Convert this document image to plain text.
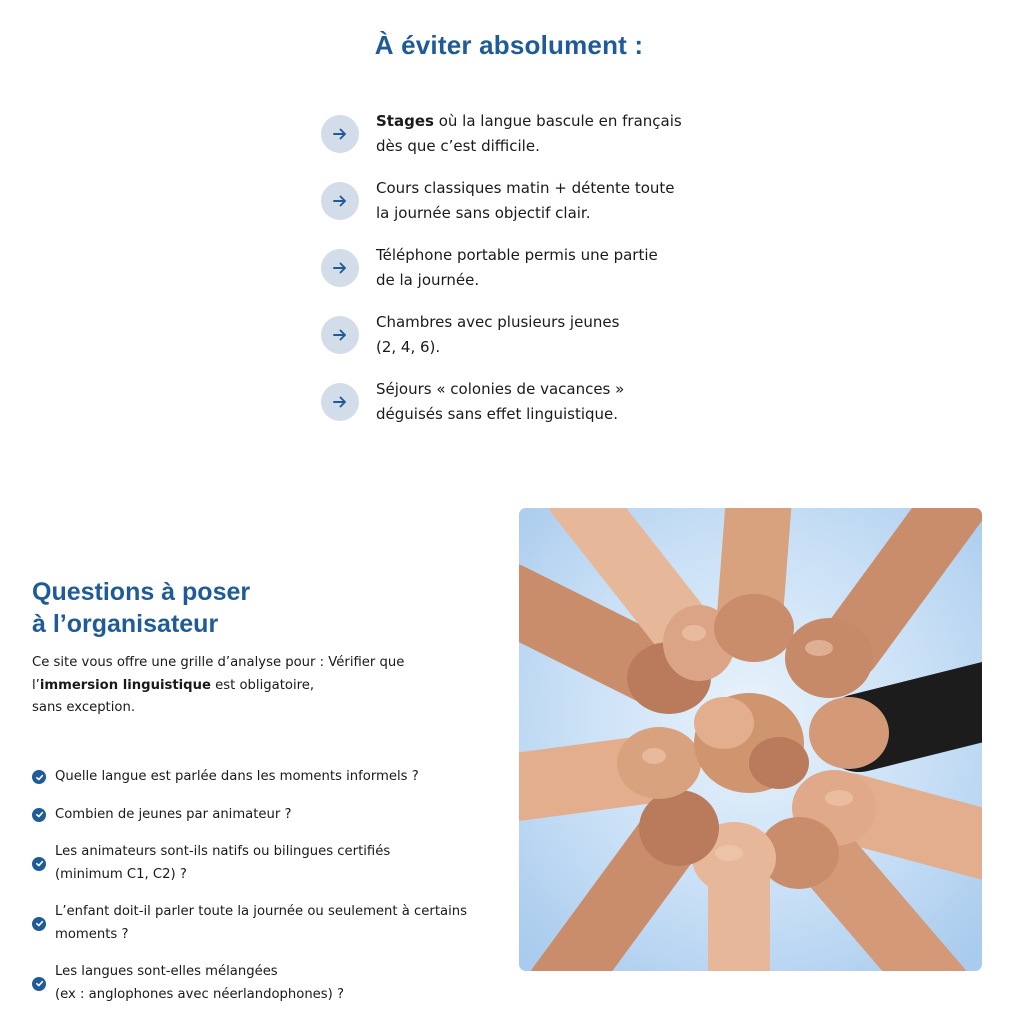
À éviter absolument :
Stages où la langue bascule en français
dès que c’est difficile.
Cours classiques matin + détente toute
la journée sans objectif clair.
Téléphone portable permis une partie
de la journée.
Chambres avec plusieurs jeunes
(2, 4, 6).
Séjours « colonies de vacances »
déguisés sans effet linguistique.
Questions à poser
à l’organisateur

Ce site vous offre une grille d’analyse pour : Vérifier que
l’immersion linguistique est obligatoire,
sans exception.

Quelle langue est parlée dans les moments informels ?
Combien de jeunes par animateur ?
Les animateurs sont-ils natifs ou bilingues certifiés
(minimum C1, C2) ?
L’enfant doit-il parler toute la journée ou seulement à certains
moments ?
Les langues sont-elles mélangées
(ex : anglophones avec néerlandophones) ?
